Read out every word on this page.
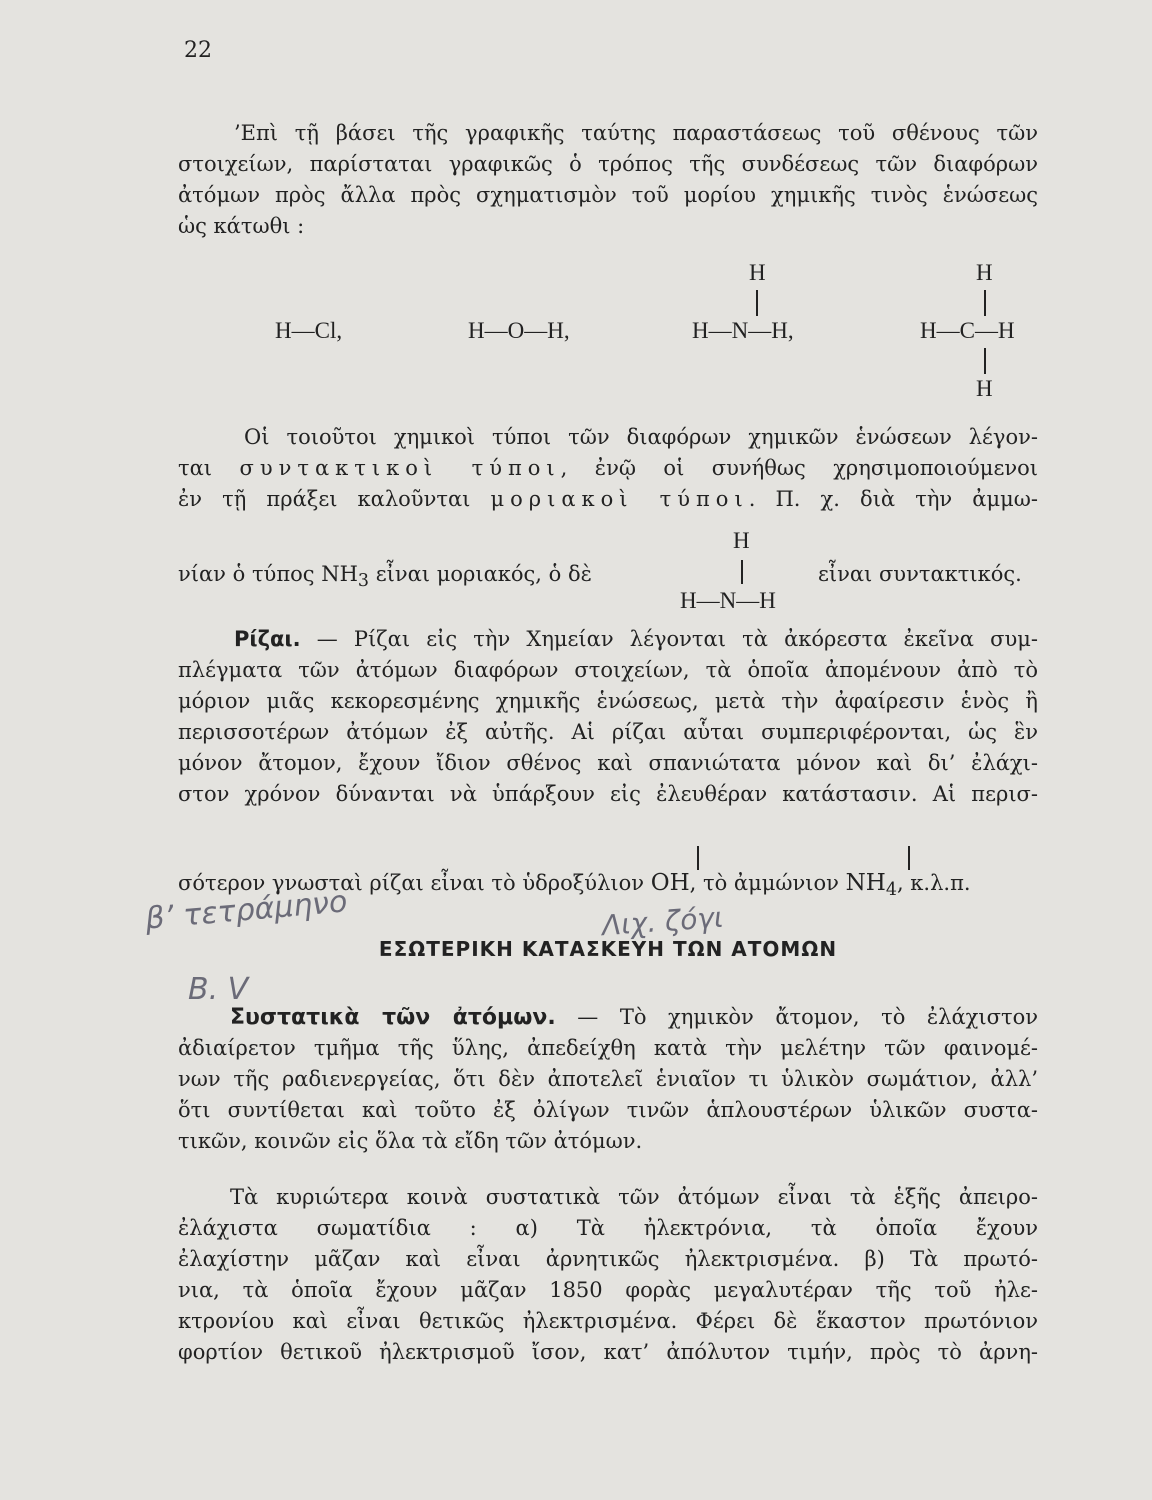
22
’Επὶ τῇ βάσει τῆς γραφικῆς ταύτης παραστάσεως τοῦ σθένους τῶν
στοιχείων, παρίσταται γραφικῶς ὁ τρόπος τῆς συνδέσεως τῶν διαφόρων
ἀτόμων πρὸς ἄλλα πρὸς σχηματισμὸν τοῦ μορίου χημικῆς τινὸς ἑνώσεως
ὡς κάτωθι :
H—Cl,	H—O—H,
H
H—N—H,
H
H—C—H
H
Οἱ τοιοῦτοι χημικοὶ τύποι τῶν διαφόρων χημικῶν ἑνώσεων λέγον-
ται συντακτικοὶ τύποι, ἐνῷ οἱ συνήθως χρησιμοποιούμενοι
ἐν τῇ πράξει καλοῦνται μοριακοὶ τύποι. Π. χ. διὰ τὴν ἀμμω-
νίαν ὁ τύπος $NH_3$ εἶναι μοριακός, ὁ δὲ
H
H—N—H
εἶναι συντακτικός.
Ρίζαι. — Ρίζαι εἰς τὴν Χημείαν λέγονται τὰ ἀκόρεστα ἐκεῖνα συμ-
πλέγματα τῶν ἀτόμων διαφόρων στοιχείων, τὰ ὁποῖα ἀπομένουν ἀπὸ τὸ
μόριον μιᾶς κεκορεσμένης χημικῆς ἑνώσεως, μετὰ τὴν ἀφαίρεσιν ἑνὸς ἢ
περισσοτέρων ἀτόμων ἐξ αὐτῆς. Αἱ ρίζαι αὗται συμπεριφέρονται, ὡς ἓν
μόνον ἄτομον, ἔχουν ἴδιον σθένος καὶ σπανιώτατα μόνον καὶ δι’ ἐλάχι-
στον χρόνον δύνανται νὰ ὑπάρξουν εἰς ἐλευθέραν κατάστασιν. Αἱ περισ-
σότερον γνωσταὶ ρίζαι εἶναι τὸ ὑδροξύλιον OH, τὸ ἀμμώνιον $NH_4$, κ.λ.π.
β’ τετράμηνο	Λιχ. ζόγι
B. V
ΕΣΩΤΕΡΙΚΗ ΚΑΤΑΣΚΕΥΗ ΤΩΝ ΑΤΟΜΩΝ
Συστατικὰ τῶν ἀτόμων. — Τὸ χημικὸν ἄτομον, τὸ ἐλάχιστον
ἀδιαίρετον τμῆμα τῆς ὕλης, ἀπεδείχθη κατὰ τὴν μελέτην τῶν φαινομέ-
νων τῆς ραδιενεργείας, ὅτι δὲν ἀποτελεῖ ἑνιαῖον τι ὑλικὸν σωμάτιον, ἀλλ’
ὅτι συντίθεται καὶ τοῦτο ἐξ ὀλίγων τινῶν ἁπλουστέρων ὑλικῶν συστα-
τικῶν, κοινῶν εἰς ὅλα τὰ εἴδη τῶν ἀτόμων.
Τὰ κυριώτερα κοινὰ συστατικὰ τῶν ἀτόμων εἶναι τὰ ἑξῆς ἀπειρο-
ἐλάχιστα σωματίδια : α) Τὰ ἠλεκτρόνια, τὰ ὁποῖα ἔχουν
ἐλαχίστην μᾶζαν καὶ εἶναι ἀρνητικῶς ἠλεκτρισμένα. β) Τὰ πρωτό-
νια, τὰ ὁποῖα ἔχουν μᾶζαν 1850 φορὰς μεγαλυτέραν τῆς τοῦ ἠλε-
κτρονίου καὶ εἶναι θετικῶς ἠλεκτρισμένα. Φέρει δὲ ἕκαστον πρωτόνιον
φορτίον θετικοῦ ἠλεκτρισμοῦ ἴσον, κατ’ ἀπόλυτον τιμήν, πρὸς τὸ ἀρνη-
